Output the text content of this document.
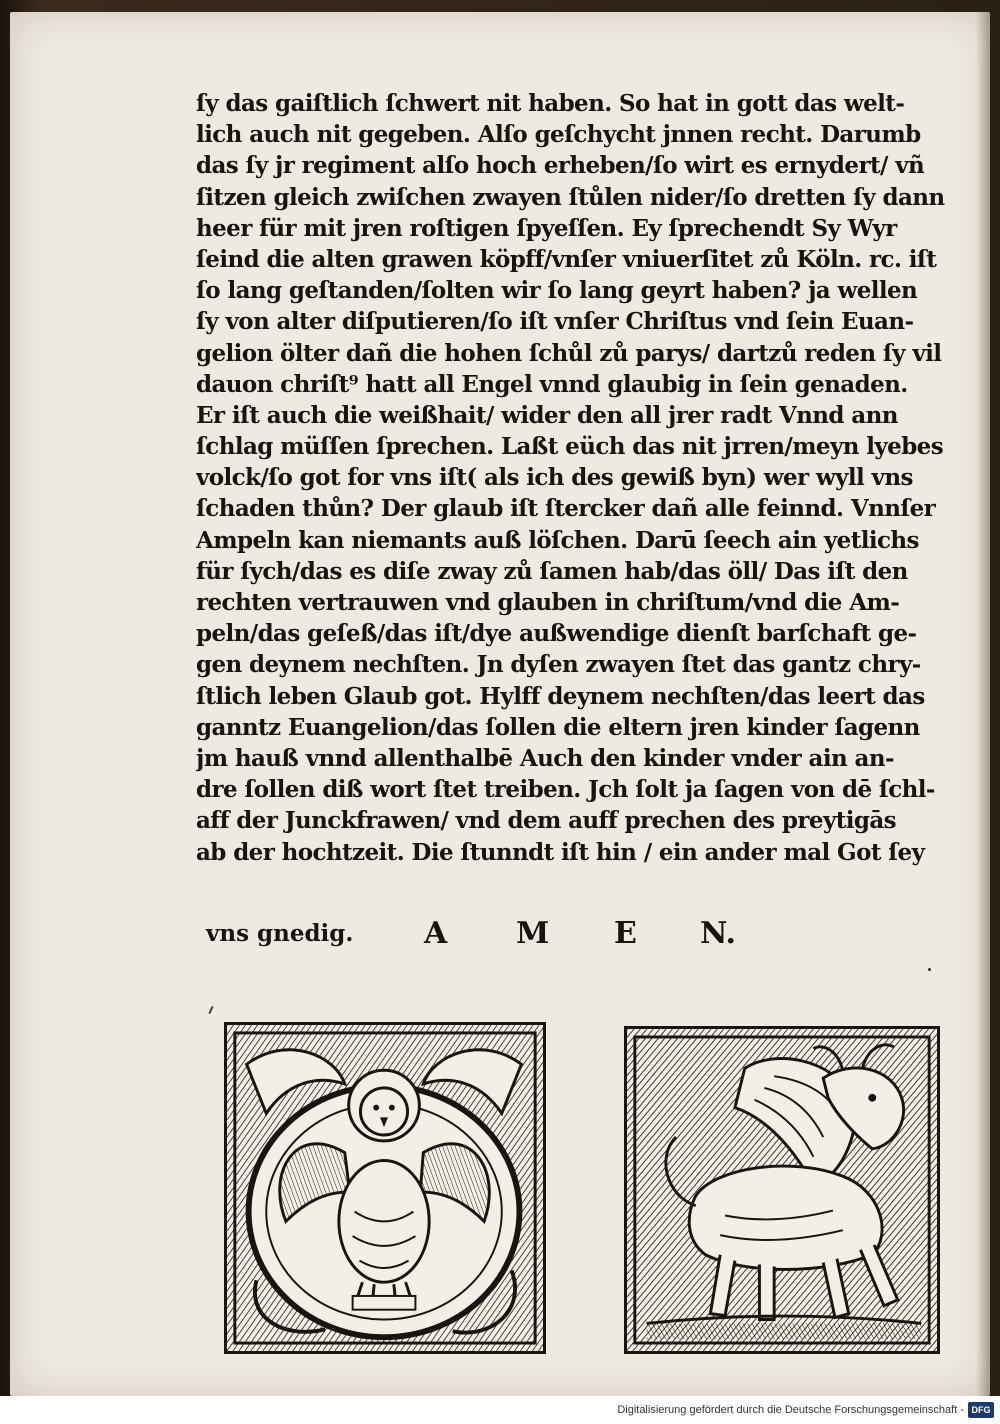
ſy das gaiſtlich ſchwert nit haben. So hat in gott das welt-
lich auch nit gegeben. Alſo geſchycht jnnen recht. Darumb
das ſy jr regiment alſo hoch erheben/ſo wirt es ernydert/ vñ
ſitzen gleich zwiſchen zwayen ſtůlen nider/ſo dretten ſy dann
heer für mit jren roſtigen ſpyeſſen. Ey ſprechendt Sy Wyr
ſeind die alten grawen köpff/vnſer vniuerſitet zů Köln. rc. iſt
ſo lang geſtanden/ſolten wir ſo lang geyrt haben? ja wellen
ſy von alter diſputieren/ſo iſt vnſer Chriſtus vnd ſein Euan-
gelion ölter dañ die hohen ſchůl zů parys/ dartzů reden ſy vil
dauon chriſt⁹ hatt all Engel vnnd glaubig in ſein genaden.
Er iſt auch die weißhait/ wider den all jrer radt Vnnd ann
ſchlag müſſen ſprechen. Laßt eüch das nit jrren/meyn lyebes
volck/ſo got for vns iſt( als ich des gewiß byn) wer wyll vns
ſchaden thůn? Der glaub iſt ſtercker dañ alle feinnd. Vnnſer
Ampeln kan niemants auß löſchen. Darū ſeech ain yetlichs
für ſych/das es diſe zway zů ſamen hab/das öll/ Das iſt den
rechten vertrauwen vnd glauben in chriſtum/vnd die Am-
peln/das geſeß/das iſt/dye außwendige dienſt barſchaft ge-
gen deynem nechſten. Jn dyſen zwayen ſtet das gantz chry-
ſtlich leben Glaub got. Hylff deynem nechſten/das leert das
ganntz Euangelion/das ſollen die eltern jren kinder ſagenn
jm hauß vnnd allenthalbē Auch den kinder vnder ain an-
dre ſollen diß wort ſtet treiben. Jch ſolt ja ſagen von dē ſchl-
aff der Junckfrawen/ vnd dem auff prechen des preytigās
ab der hochtzeit. Die ſtunndt iſt hin / ein ander mal Got ſey
vns gnedig. A M E N.
Digitalisierung gefördert durch die Deutsche Forschungsgemeinschaft - DFG
